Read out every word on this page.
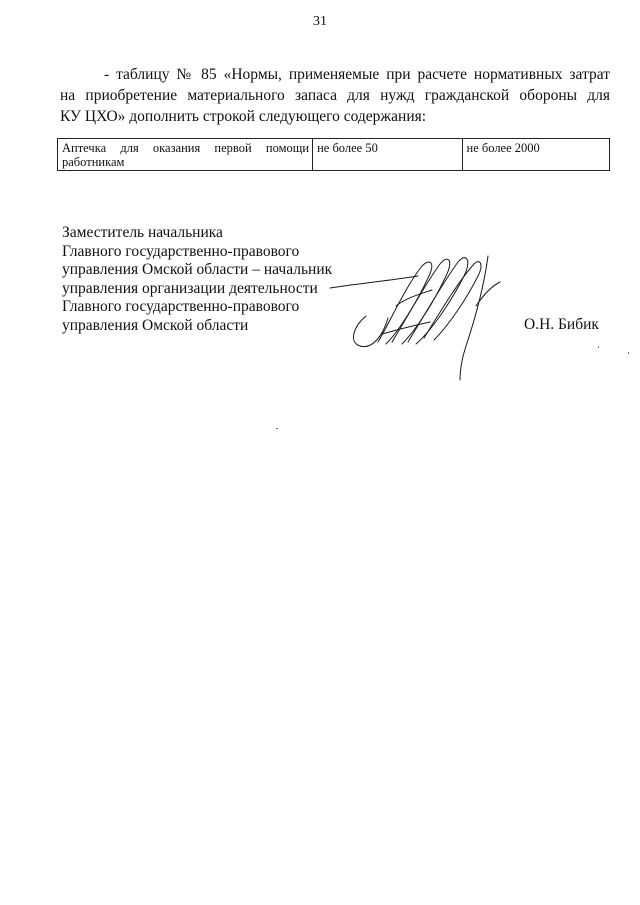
31
- таблицу № 85 «Нормы, применяемые при расчете нормативных затрат
на приобретение материального запаса для нужд гражданской обороны для
КУ ЦХО» дополнить строкой следующего содержания:
Аптечка для оказания первой помощи работникам	не более 50	не более 2000
Заместитель начальника
Главного государственно-правового
управления Омской области – начальник
управления организации деятельности
Главного государственно-правового
управления Омской области	О.Н. Бибик
